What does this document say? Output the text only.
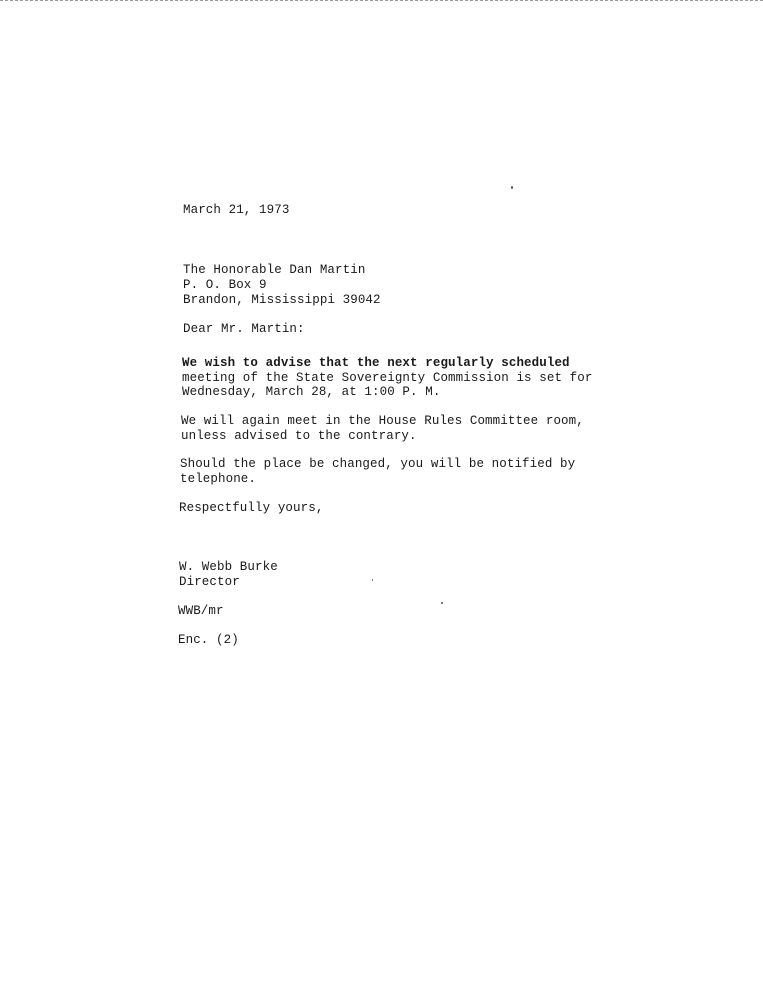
March 21, 1973
The Honorable Dan Martin
P. O. Box 9
Brandon, Mississippi 39042
Dear Mr. Martin:
We wish to advise that the next regularly scheduled
meeting of the State Sovereignty Commission is set for
Wednesday, March 28, at 1:00 P. M.
We will again meet in the House Rules Committee room,
unless advised to the contrary.
Should the place be changed, you will be notified by
telephone.
Respectfully yours,
W. Webb Burke
Director
WWB/mr
Enc. (2)
